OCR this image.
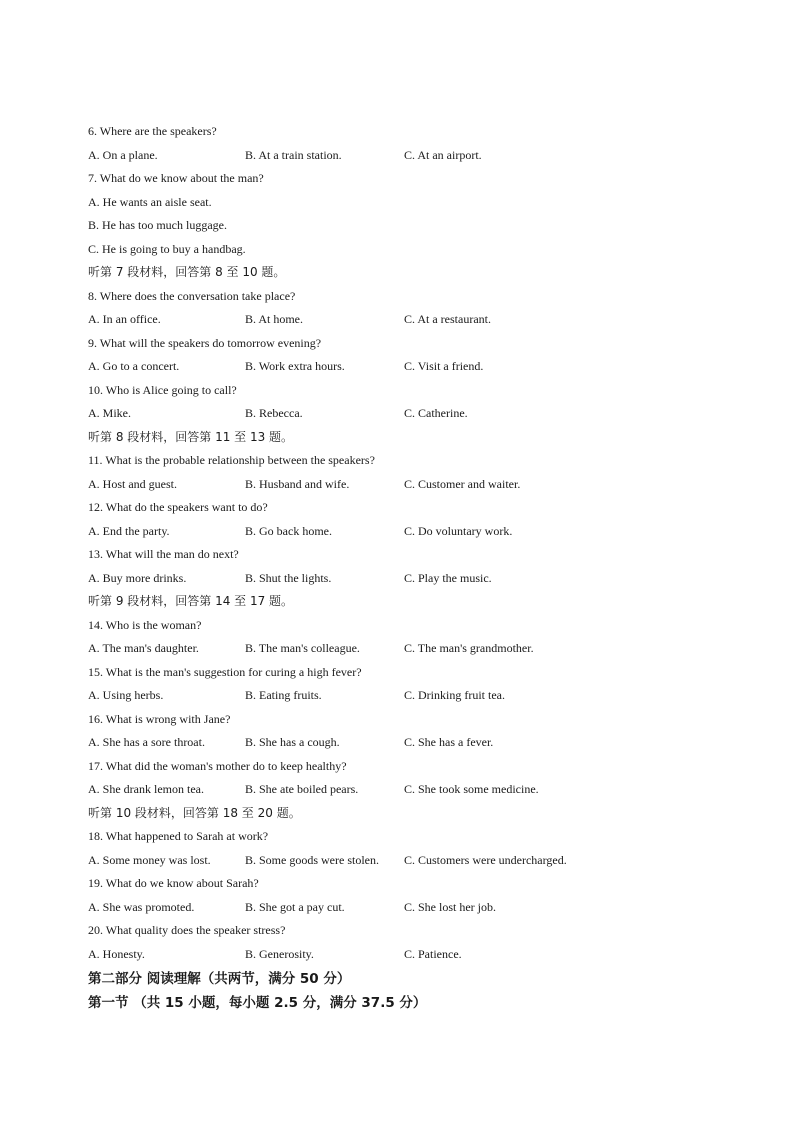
6. Where are the speakers?
A. On a plane.	B. At a train station.	C. At an airport.
7. What do we know about the man?
A. He wants an aisle seat.
B. He has too much luggage.
C. He is going to buy a handbag.
听第 7 段材料，回答第 8 至 10 题。
8. Where does the conversation take place?
A. In an office.	B. At home.	C. At a restaurant.
9. What will the speakers do tomorrow evening?
A. Go to a concert.	B. Work extra hours.	C. Visit a friend.
10. Who is Alice going to call?
A. Mike.	B. Rebecca.	C. Catherine.
听第 8 段材料，回答第 11 至 13 题。
11. What is the probable relationship between the speakers?
A. Host and guest.	B. Husband and wife.	C. Customer and waiter.
12. What do the speakers want to do?
A. End the party.	B. Go back home.	C. Do voluntary work.
13. What will the man do next?
A. Buy more drinks.	B. Shut the lights.	C. Play the music.
听第 9 段材料，回答第 14 至 17 题。
14. Who is the woman?
A. The man's daughter.	B. The man's colleague.	C. The man's grandmother.
15. What is the man's suggestion for curing a high fever?
A. Using herbs.	B. Eating fruits.	C. Drinking fruit tea.
16. What is wrong with Jane?
A. She has a sore throat.	B. She has a cough.	C. She has a fever.
17. What did the woman's mother do to keep healthy?
A. She drank lemon tea.	B. She ate boiled pears.	C. She took some medicine.
听第 10 段材料，回答第 18 至 20 题。
18. What happened to Sarah at work?
A. Some money was lost.	B. Some goods were stolen. C. Customers were undercharged.
19. What do we know about Sarah?
A. She was promoted.	B. She got a pay cut.	C. She lost her job.
20. What quality does the speaker stress?
A. Honesty.	B. Generosity.	C. Patience.
第二部分 阅读理解（共两节，满分 50 分）
第一节 （共 15 小题，每小题 2.5 分，满分 37.5 分）
